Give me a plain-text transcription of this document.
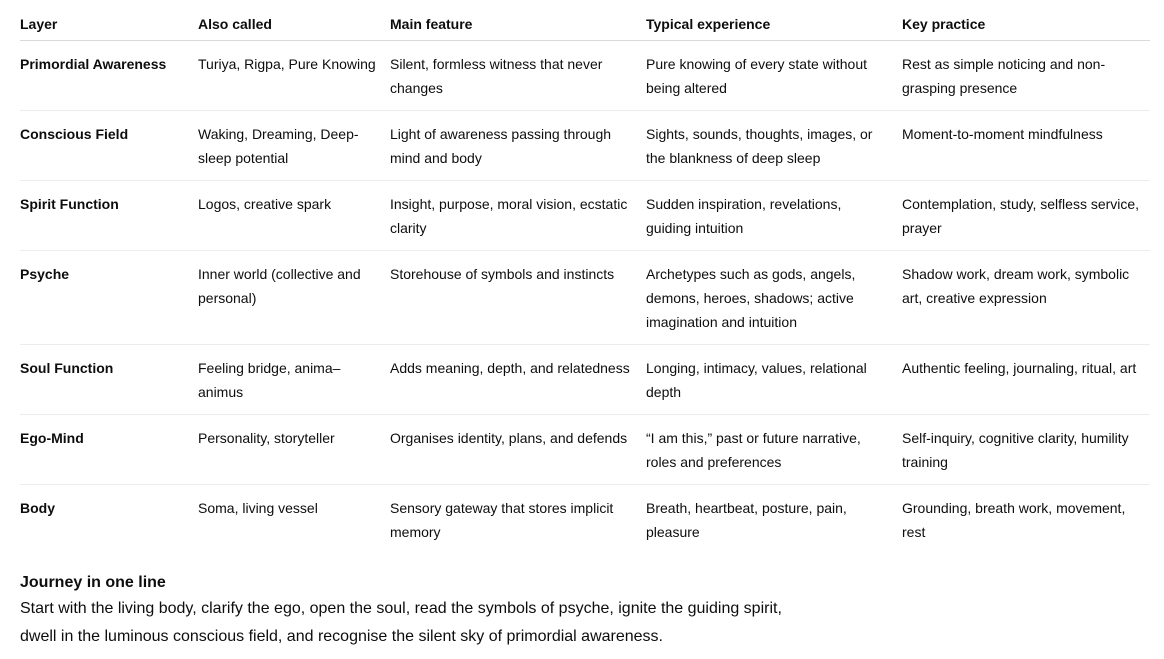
Layer	Also called	Main feature	Typical experience	Key practice
Primordial Awareness	Turiya, Rigpa, Pure Knowing	Silent, formless witness that never changes	Pure knowing of every state without being altered	Rest as simple noticing and non-grasping presence
Conscious Field	Waking, Dreaming, Deep-sleep potential	Light of awareness passing through mind and body	Sights, sounds, thoughts, images, or the blankness of deep sleep	Moment-to-moment mindfulness
Spirit Function	Logos, creative spark	Insight, purpose, moral vision, ecstatic clarity	Sudden inspiration, revelations, guiding intuition	Contemplation, study, selfless service, prayer
Psyche	Inner world (collective and personal)	Storehouse of symbols and instincts	Archetypes such as gods, angels, demons, heroes, shadows; active imagination and intuition	Shadow work, dream work, symbolic art, creative expression
Soul Function	Feeling bridge, anima–animus	Adds meaning, depth, and relatedness	Longing, intimacy, values, relational depth	Authentic feeling, journaling, ritual, art
Ego-Mind	Personality, storyteller	Organises identity, plans, and defends	“I am this,” past or future narrative, roles and preferences	Self-inquiry, cognitive clarity, humility training
Body	Soma, living vessel	Sensory gateway that stores implicit memory	Breath, heartbeat, posture, pain, pleasure	Grounding, breath work, movement, rest

Journey in one line

Start with the living body, clarify the ego, open the soul, read the symbols of psyche, ignite the guiding spirit, dwell in the luminous conscious field, and recognise the silent sky of primordial awareness.
